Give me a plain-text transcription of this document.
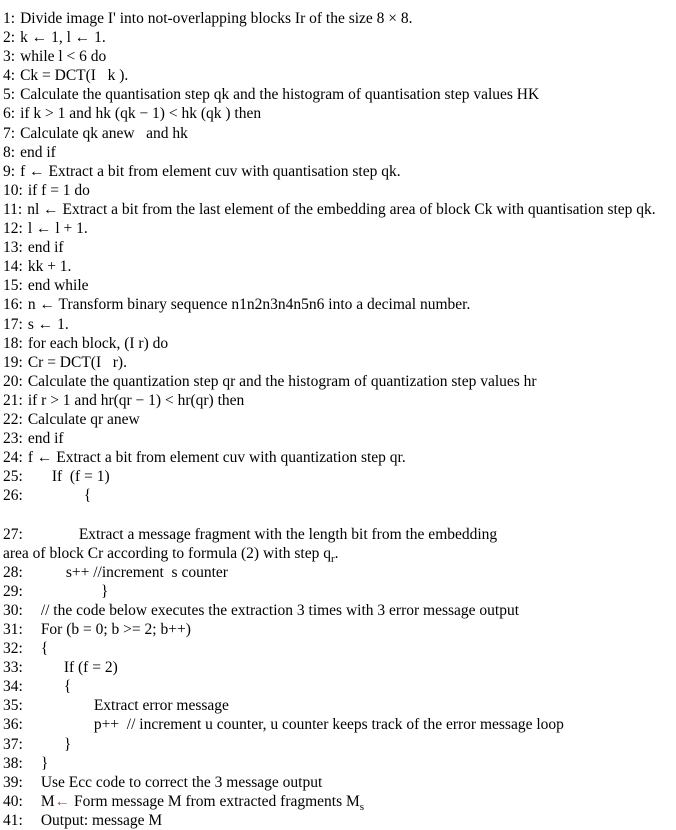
1: Divide image I' into not-overlapping blocks Ir of the size 8 × 8.
2: k ← 1, l ← 1.
3: while l < 6 do
4: Ck = DCT(I   k ).
5: Calculate the quantisation step qk and the histogram of quantisation step values HK
6: if k > 1 and hk (qk − 1) < hk (qk ) then
7: Calculate qk anew   and hk
8: end if
9: f ← Extract a bit from element cuv with quantisation step qk.
10: if f = 1 do
11: nl ← Extract a bit from the last element of the embedding area of block Ck with quantisation step qk.
12: l ← l + 1.
13: end if
14: kk + 1.
15: end while
16: n ← Transform binary sequence n1n2n3n4n5n6 into a decimal number.
17: s ← 1.
18: for each block, (I r) do
19: Cr = DCT(I   r).
20: Calculate the quantization step qr and the histogram of quantization step values hr
21: if r > 1 and hr(qr − 1) < hr(qr) then
22: Calculate qr anew
23: end if
24: f ← Extract a bit from element cuv with quantization step qr.
25: If  (f = 1)
26:	{
27:	Extract a message fragment with the length bit from the embedding
area of block Cr according to formula (2) with step $q_r$.
28:	s++ //increment  s counter
29:	}
30: // the code below executes the extraction 3 times with 3 error message output
31: For (b = 0; b >= 2; b++)
32: {
33:	If (f = 2)
34:	{
35:	Extract error message
36:	p++  // increment u counter, u counter keeps track of the error message loop
37:	}
38: }
39: Use Ecc code to correct the 3 message output
40: M← Form message M from extracted fragments $M_s$
41: Output: message M
